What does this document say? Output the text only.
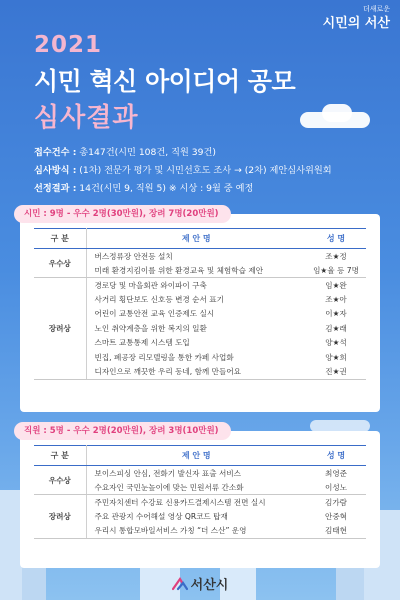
더새로운
시민의 서산
2021
시민 혁신 아이디어 공모
심사결과
접수건수 : 총147건(시민 108건, 직원 39건)
심사방식 : (1차) 전문가 평가 및 시민선호도 조사 → (2차) 제안심사위원회
선정결과 : 14건(시민 9, 직원 5) ※ 시상 : 9월 중 예정
구 분	제 안 명	성 명
우수상	버스정류장 안전등 설치	조★정
	미래 환경지킴이를 위한 환경교육 및 체험학습 제안	임★율 등 7명
장려상	경로당 및 마을회관 와이파이 구축	임★완
	사거리 횡단보도 신호등 변경 순서 표기	조★아
	어린이 교통안전 교육 인증제도 실시	이★자
	노인 취약계층을 위한 복지의 일환	김★래
	스마트 교통통제 시스템 도입	양★석
	빈집, 폐공장 리모델링을 통한 카페 사업화	양★희
	디자인으로 깨끗한 우리 동네, 함께 만들어요	진★권
시민 : 9명 - 우수 2명(30만원), 장려 7명(20만원)
구 분	제 안 명	성 명
우수상	보이스피싱 안심, 전화기 발신자 표출 서비스	최영준
	수요자인 국민눈높이에 맞는 민원서류 간소화	이성노
장려상	주민자치센터 수강료 신용카드결제시스템 전면 실시	김가람
	주요 관광지 수어해설 영상 QR코드 탑재	안중혁
	우리시 통합모바일서비스 가칭 “더 스산” 운영	김태현
직원 : 5명 - 우수 2명(20만원), 장려 3명(10만원)
서산시
